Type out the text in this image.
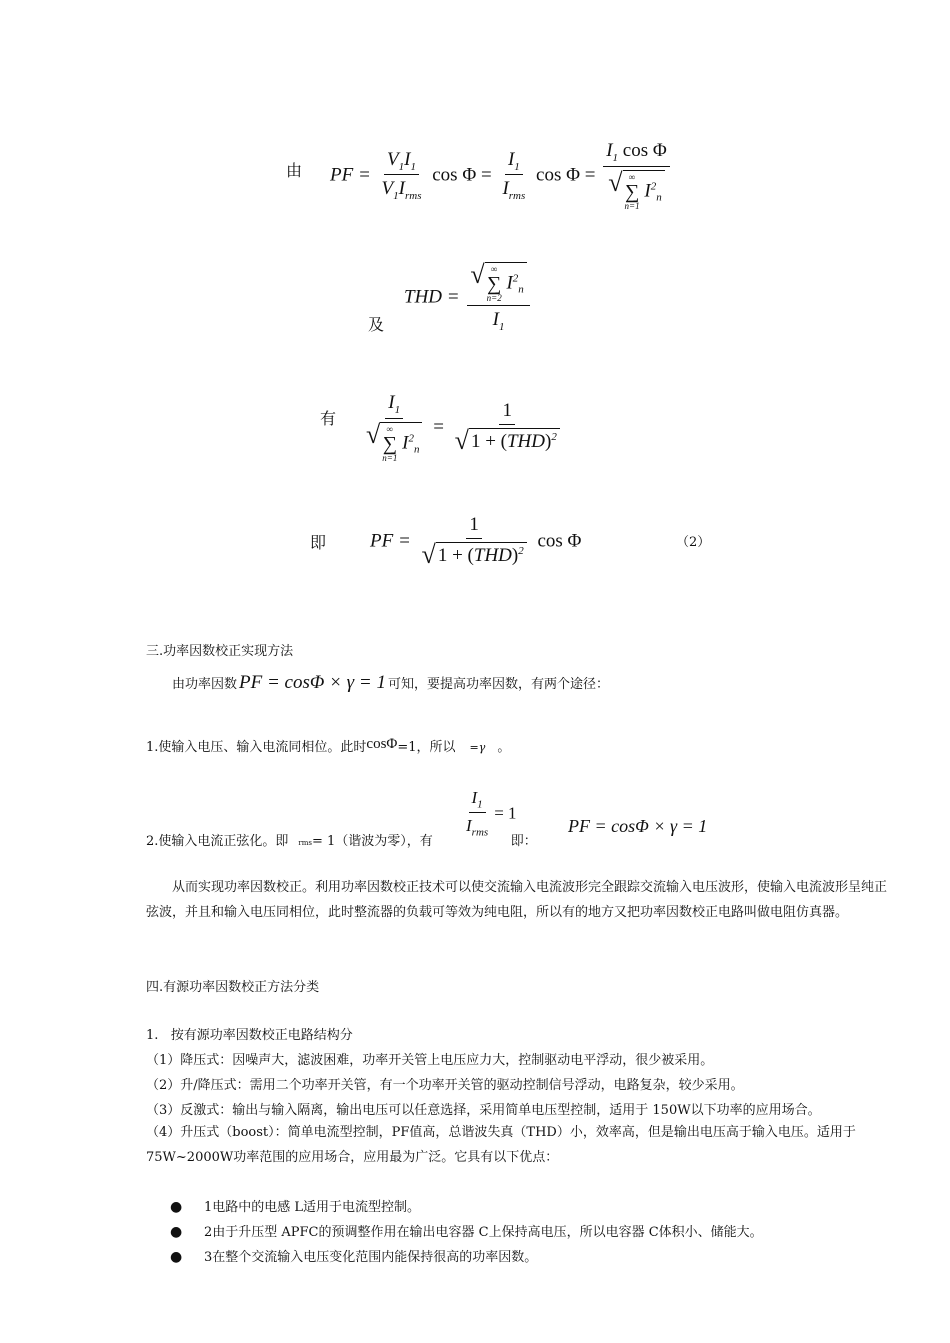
由 PF = $\frac{V_1I_1}{V_1I_{rms}}$ $\cos \Phi = \frac{I_1}{I_{rms}}$ $\cos \Phi = I_1$ cos Φ
√ ∞
∑
n=1
$I^2_n$
及
THD = √ ∞
∑
n=2
$I^2_n$
$I_1$
有 $I_1$
√ ∞
∑
n=1
$I^2_n = \frac{1}{√ 1 + (THD)^2}$
即 PF = $\frac{1}{√ 1 + (THD)^2}$ cos Φ	（2）
三.功率因数校正实现方法
由功率因数 PF = cosΦ × γ = 1 可知，要提高功率因数，有两个途径：
1.使输入电压、输入电流同相位。此时cosΦ=1，所以 =γ 。
$\frac{I_1}{I_{rms}} = 1$
2.使输入电流正弦化。即 rms= 1（谐波为零），有	即：
PF = cosΦ × γ = 1
从而实现功率因数校正。利用功率因数校正技术可以使交流输入电流波形完全跟踪交流输入电压波形，使输入电流波形呈纯正弦波，并且和输入电压同相位，此时整流器的负载可等效为纯电阻，所以有的地方又把功率因数校正电路叫做电阻仿真器。
四.有源功率因数校正方法分类
1.   按有源功率因数校正电路结构分
（1）降压式：因噪声大，滤波困难，功率开关管上电压应力大，控制驱动电平浮动，很少被采用。
（2）升/降压式：需用二个功率开关管，有一个功率开关管的驱动控制信号浮动，电路复杂，较少采用。
（3）反激式：输出与输入隔离，输出电压可以任意选择，采用简单电压型控制，适用于 150W以下功率的应用场合。
（4）升压式（boost）：简单电流型控制，PF值高，总谐波失真（THD）小，效率高，但是输出电压高于输入电压。适用于 75W~2000W功率范围的应用场合，应用最为广泛。它具有以下优点：
● 1电路中的电感 L适用于电流型控制。
● 2由于升压型 APFC的预调整作用在输出电容器 C上保持高电压，所以电容器 C体积小、储能大。
● 3在整个交流输入电压变化范围内能保持很高的功率因数。
